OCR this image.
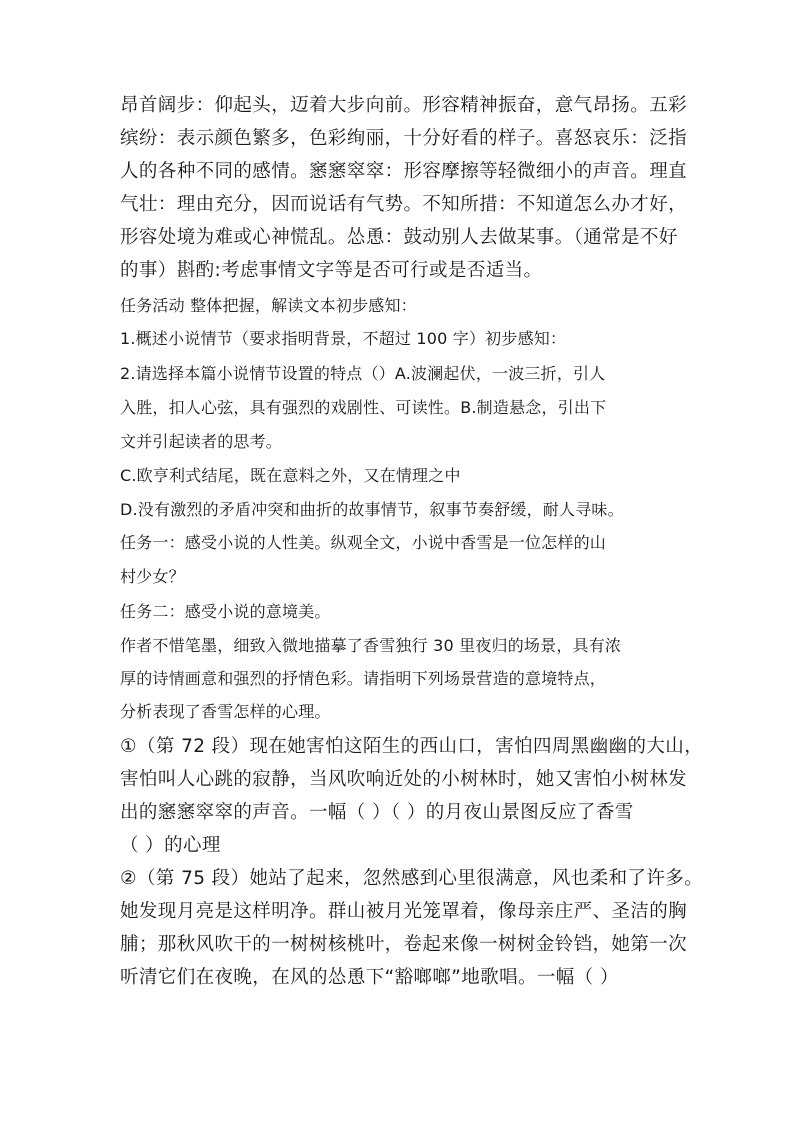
昂首阔步：仰起头，迈着大步向前。形容精神振奋，意气昂扬。五彩
缤纷：表示颜色繁多，色彩绚丽，十分好看的样子。喜怒哀乐：泛指
人的各种不同的感情。窸窸窣窣：形容摩擦等轻微细小的声音。理直
气壮：理由充分，因而说话有气势。不知所措：不知道怎么办才好，
形容处境为难或心神慌乱。怂恿：鼓动别人去做某事。（通常是不好
的事）斟酌:考虑事情文字等是否可行或是否适当。
任务活动 整体把握，解读文本初步感知：
1.概述小说情节（要求指明背景，不超过 100 字）初步感知：
2.请选择本篇小说情节设置的特点（）A.波澜起伏，一波三折，引人
入胜，扣人心弦，具有强烈的戏剧性、可读性。B.制造悬念，引出下
文并引起读者的思考。
C.欧亨利式结尾，既在意料之外，又在情理之中
D.没有激烈的矛盾冲突和曲折的故事情节，叙事节奏舒缓，耐人寻味。
任务一：感受小说的人性美。纵观全文，小说中香雪是一位怎样的山
村少女？
任务二：感受小说的意境美。
作者不惜笔墨，细致入微地描摹了香雪独行 30 里夜归的场景，具有浓
厚的诗情画意和强烈的抒情色彩。请指明下列场景营造的意境特点，
分析表现了香雪怎样的心理。
①（第 72 段）现在她害怕这陌生的西山口，害怕四周黑幽幽的大山，
害怕叫人心跳的寂静，当风吹响近处的小树林时，她又害怕小树林发
出的窸窸窣窣的声音。一幅（ ）（ ）的月夜山景图反应了香雪
（ ）的心理
②（第 75 段）她站了起来，忽然感到心里很满意，风也柔和了许多。
她发现月亮是这样明净。群山被月光笼罩着，像母亲庄严、圣洁的胸
脯；那秋风吹干的一树树核桃叶，卷起来像一树树金铃铛，她第一次
听清它们在夜晚，在风的怂恿下“豁啷啷”地歌唱。一幅（ ）
